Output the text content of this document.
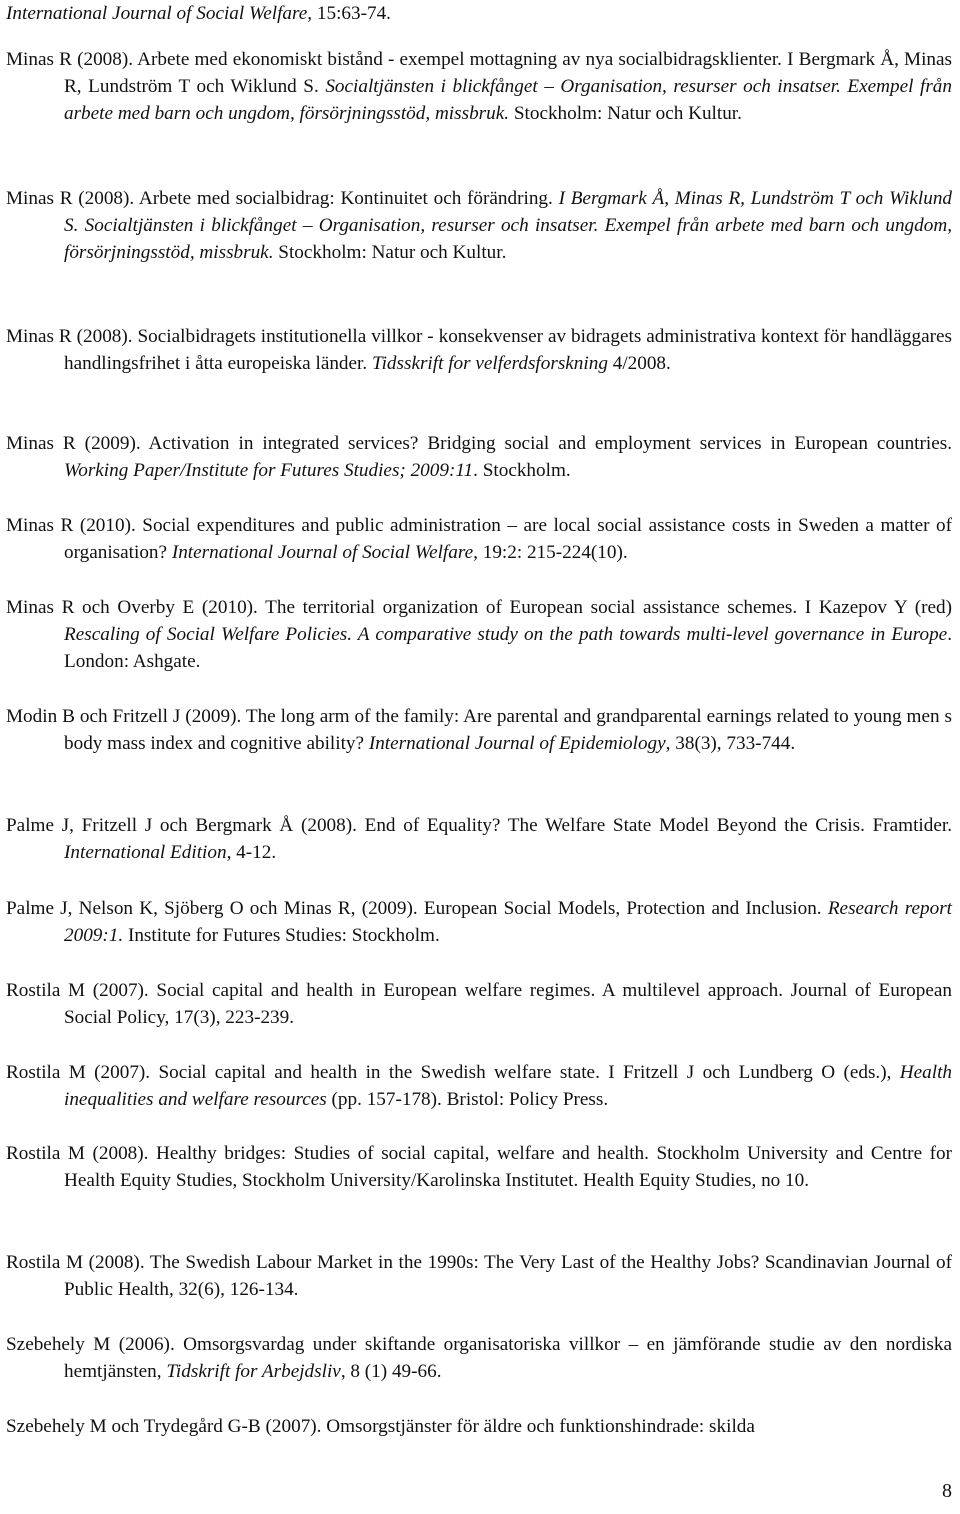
International Journal of Social Welfare, 15:63-74.

Minas R (2008). Arbete med ekonomiskt bistånd - exempel mottagning av nya socialbidragsklienter. I Bergmark Å, Minas R, Lundström T och Wiklund S. Socialtjänsten i blickfånget – Organisation, resurser och insatser. Exempel från arbete med barn och ungdom, försörjningsstöd, missbruk. Stockholm: Natur och Kultur.

Minas R (2008). Arbete med socialbidrag: Kontinuitet och förändring. I Bergmark Å, Minas R, Lundström T och Wiklund S. Socialtjänsten i blickfånget – Organisation, resurser och insatser. Exempel från arbete med barn och ungdom, försörjningsstöd, missbruk. Stockholm: Natur och Kultur.

Minas R (2008). Socialbidragets institutionella villkor - konsekvenser av bidragets administrativa kontext för handläggares handlingsfrihet i åtta europeiska länder. Tidsskrift for velferdsforskning 4/2008.

Minas R (2009). Activation in integrated services? Bridging social and employment services in European countries. Working Paper/Institute for Futures Studies; 2009:11. Stockholm.

Minas R (2010). Social expenditures and public administration – are local social assistance costs in Sweden a matter of organisation? International Journal of Social Welfare, 19:2: 215-224(10).

Minas R och Overby E (2010). The territorial organization of European social assistance schemes. I Kazepov Y (red) Rescaling of Social Welfare Policies. A comparative study on the path towards multi-level governance in Europe. London: Ashgate.

Modin B och Fritzell J (2009). The long arm of the family: Are parental and grandparental earnings related to young men s body mass index and cognitive ability? International Journal of Epidemiology, 38(3), 733-744.

Palme J, Fritzell J och Bergmark Å (2008). End of Equality? The Welfare State Model Beyond the Crisis. Framtider. International Edition, 4-12.

Palme J, Nelson K, Sjöberg O och Minas R, (2009). European Social Models, Protection and Inclusion. Research report 2009:1. Institute for Futures Studies: Stockholm.

Rostila M (2007). Social capital and health in European welfare regimes. A multilevel approach. Journal of European Social Policy, 17(3), 223-239.

Rostila M (2007). Social capital and health in the Swedish welfare state. I Fritzell J och Lundberg O (eds.), Health inequalities and welfare resources (pp. 157-178). Bristol: Policy Press.

Rostila M (2008). Healthy bridges: Studies of social capital, welfare and health. Stockholm University and Centre for Health Equity Studies, Stockholm University/Karolinska Institutet. Health Equity Studies, no 10.

Rostila M (2008). The Swedish Labour Market in the 1990s: The Very Last of the Healthy Jobs? Scandinavian Journal of Public Health, 32(6), 126-134.

Szebehely M (2006). Omsorgsvardag under skiftande organisatoriska villkor – en jämförande studie av den nordiska hemtjänsten, Tidskrift for Arbejdsliv, 8 (1) 49-66.

Szebehely M och Trydegård G-B (2007). Omsorgstjänster för äldre och funktionshindrade: skilda

8
